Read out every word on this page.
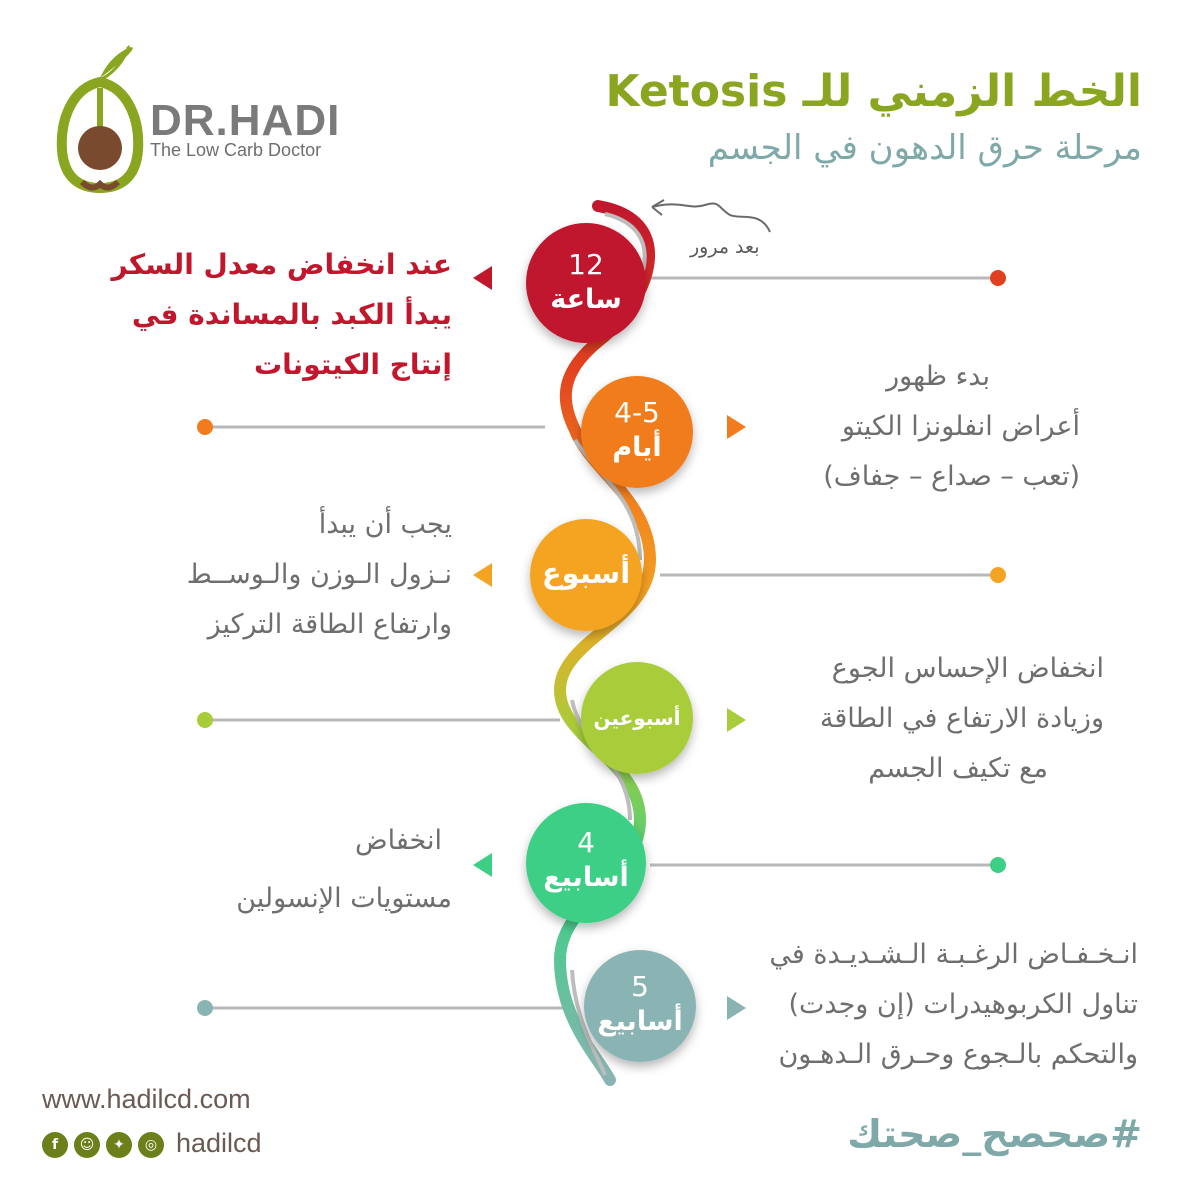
DR.HADI
The Low Carb Doctor
الخط الزمني للـ Ketosis
مرحلة حرق الدهون في الجسم
بعد مرور
12
ساعة
4-5
أيام
أسبوع
أسبوعين
4
أسابيع
5
أسابيع
عند انخفاض معدل السكر
يبدأ الكبد بالمساندة في
إنتاج الكيتونات	بدء ظهور
أعراض انفلونزا الكيتو
(تعب – صداع – جفاف)
يجب أن يبدأ
نـزول الـوزن والـوســط
وارتفاع الطاقة التركيز
انخفاض الإحساس الجوع
وزيادة الارتفاع في الطاقة
مع تكيف الجسم
انخفاض
مستويات الإنسولين
انـخـفـاض الرغـبـة الـشـديـدة في
تناول الكربوهيدرات (إن وجدت)
والتحكم بالـجوع وحـرق الـدهـون
www.hadilcd.com
f	☺	✦	◎ hadilcd	#صحصح_صحتك
